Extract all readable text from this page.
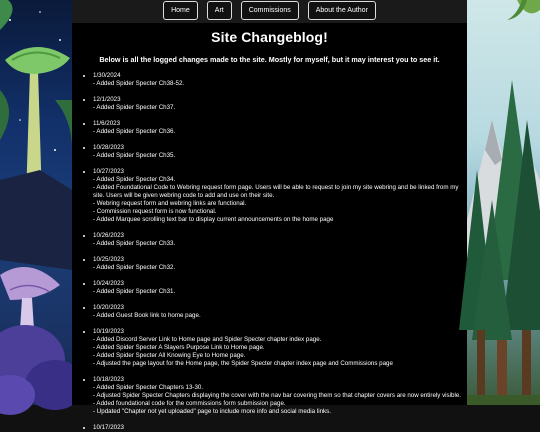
Home	Art	Commissions	About the Author
Site Changeblog!
Below is all the logged changes made to the site. Mostly for myself, but it may interest you to see it.
• 1/30/2024
- Added Spider Specter Ch38-52.
• 12/1/2023
- Added Spider Specter Ch37.
• 11/6/2023
- Added Spider Specter Ch36.
• 10/28/2023
- Added Spider Specter Ch35.
• 10/27/2023
- Added Spider Specter Ch34.
- Added Foundational Code to Webring request form page. Users will be able to request to join my site webring and be linked from my site. Users will be given webring code to add and use on their site.
- Webring request form and webring links are functional.
- Commission request form is now functional.
- Added Marquee scrolling text bar to display current announcements on the home page
• 10/26/2023
- Added Spider Specter Ch33.
• 10/25/2023
- Added Spider Specter Ch32.
• 10/24/2023
- Added Spider Specter Ch31.
• 10/20/2023
- Added Guest Book link to home page.
• 10/19/2023
- Added Discord Server Link to Home page and Spider Specter chapter index page.
- Added Spider Specter A Slayers Purpose Link to Home page.
- Added Spider Specter All Knowing Eye to Home page.
- Adjusted the page layout for the Home page, the Spider Specter chapter index page and Commissions page
• 10/18/2023
- Added Spider Specter Chapters 13-30.
- Adjusted Spider Specter Chapters displaying the cover with the nav bar covering them so that chapter covers are now entirely visible.
- Added foundational code for the commissions form submission page.
- Updated "Chapter not yet uploaded" page to include more info and social media links.
• 10/17/2023
